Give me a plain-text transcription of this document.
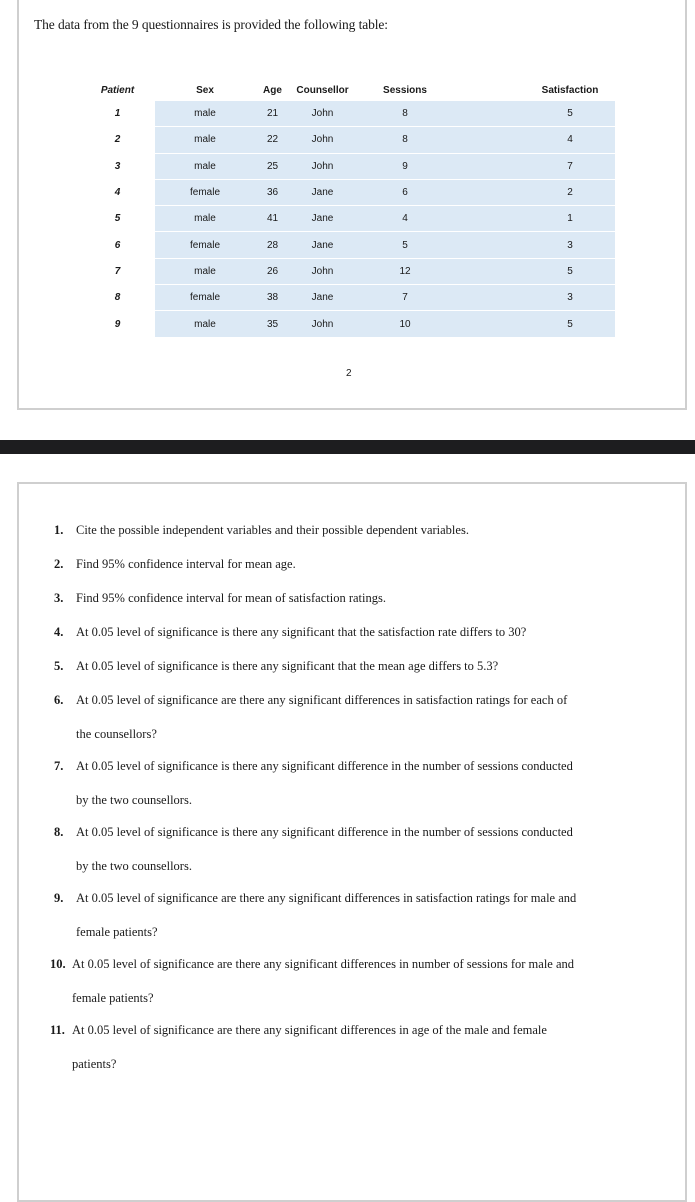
The data from the 9 questionnaires is provided the following table:
Patient	Sex	Age	Counsellor	Sessions			Satisfaction
1	male	21	John	8			5
2	male	22	John	8			4
3	male	25	John	9			7
4	female	36	Jane	6			2
5	male	41	Jane	4			1
6	female	28	Jane	5			3
7	male	26	John	12			5
8	female	38	Jane	7			3
9	male	35	John	10			5
2
1. Cite the possible independent variables and their possible dependent variables.
2. Find 95% confidence interval for mean age.
3. Find 95% confidence interval for mean of satisfaction ratings.
4. At 0.05 level of significance is there any significant that the satisfaction rate differs to 30?
5. At 0.05 level of significance is there any significant that the mean age differs to 5.3?
6. At 0.05 level of significance are there any significant differences in satisfaction ratings for each of
the counsellors?
7. At 0.05 level of significance is there any significant difference in the number of sessions conducted
by the two counsellors.
8. At 0.05 level of significance is there any significant difference in the number of sessions conducted
by the two counsellors.
9. At 0.05 level of significance are there any significant differences in satisfaction ratings for male and
female patients?
10. At 0.05 level of significance are there any significant differences in number of sessions for male and
female patients?
11. At 0.05 level of significance are there any significant differences in age of the male and female
patients?
